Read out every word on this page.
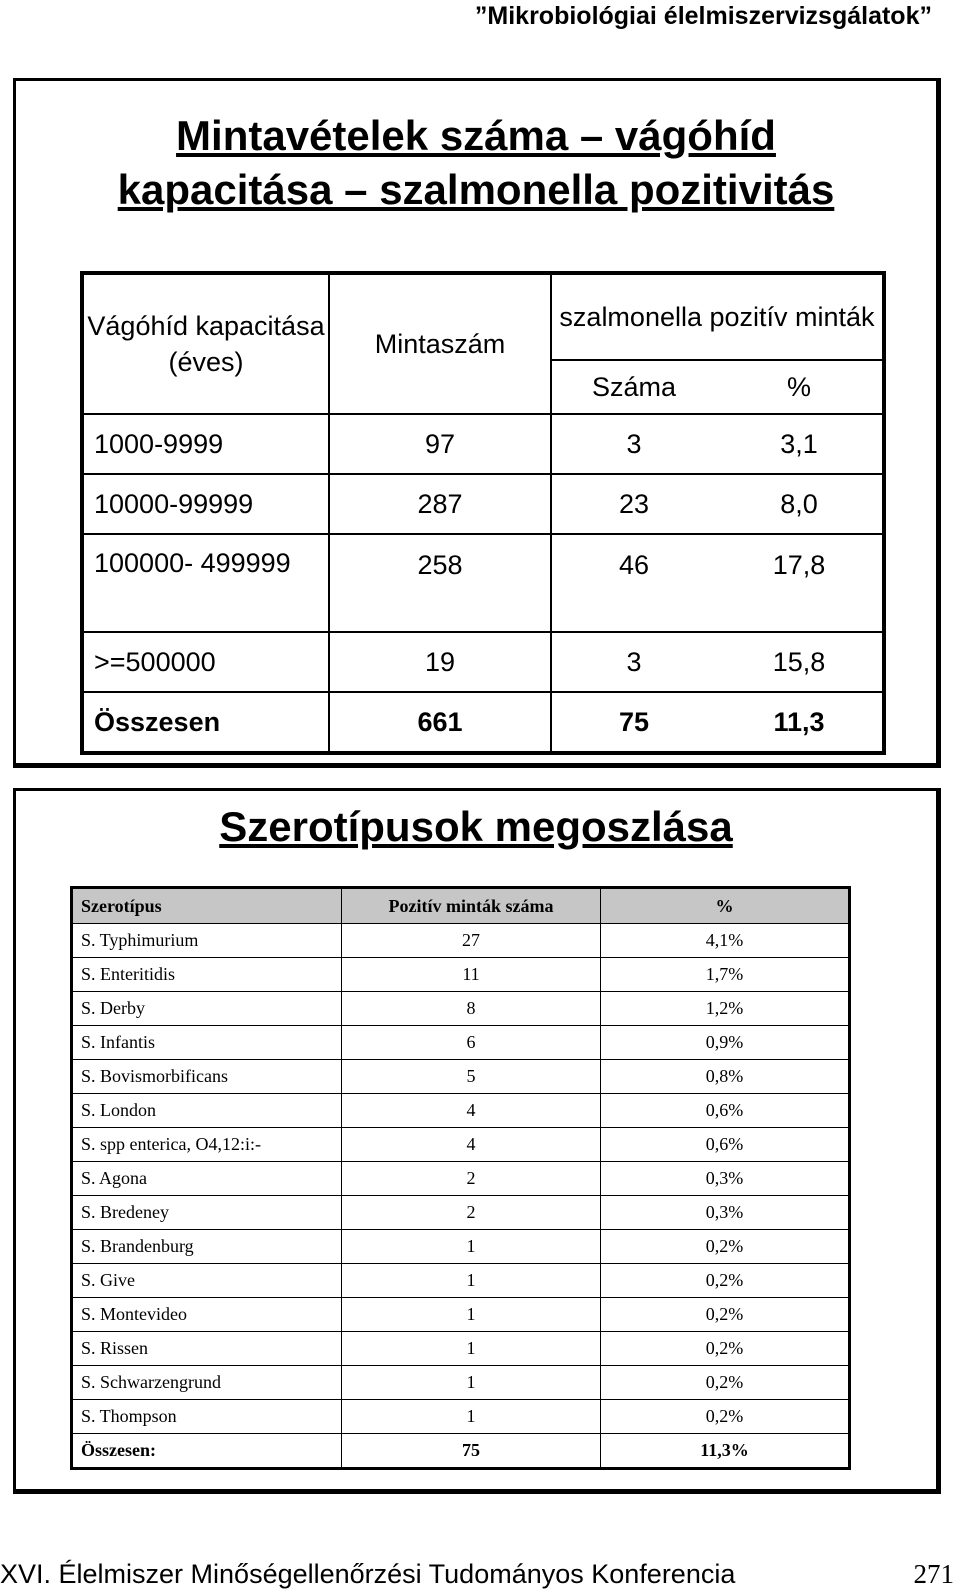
”Mikrobiológiai élelmiszervizsgálatok”
Mintavételek száma – vágóhíd
kapacitása – szalmonella pozitivitás
Vágóhíd kapacitása (éves)	Mintaszám	szalmonella pozitív minták	
		Száma	%
1000-9999	97	3	3,1
10000-99999	287	23	8,0
100000- 499999	258	46	17,8
>=500000	19	3	15,8
Összesen	661	75	11,3
Szerotípusok megoszlása
Szerotípus	Pozitív minták száma	%
S. Typhimurium	27	4,1%
S. Enteritidis	11	1,7%
S. Derby	8	1,2%
S. Infantis	6	0,9%
S. Bovismorbificans	5	0,8%
S. London	4	0,6%
S. spp enterica, O4,12:i:-	4	0,6%
S. Agona	2	0,3%
S. Bredeney	2	0,3%
S. Brandenburg	1	0,2%
S. Give	1	0,2%
S. Montevideo	1	0,2%
S. Rissen	1	0,2%
S. Schwarzengrund	1	0,2%
S. Thompson	1	0,2%
Összesen:	75	11,3%
XVI. Élelmiszer Minőségellenőrzési Tudományos Konferencia	271
